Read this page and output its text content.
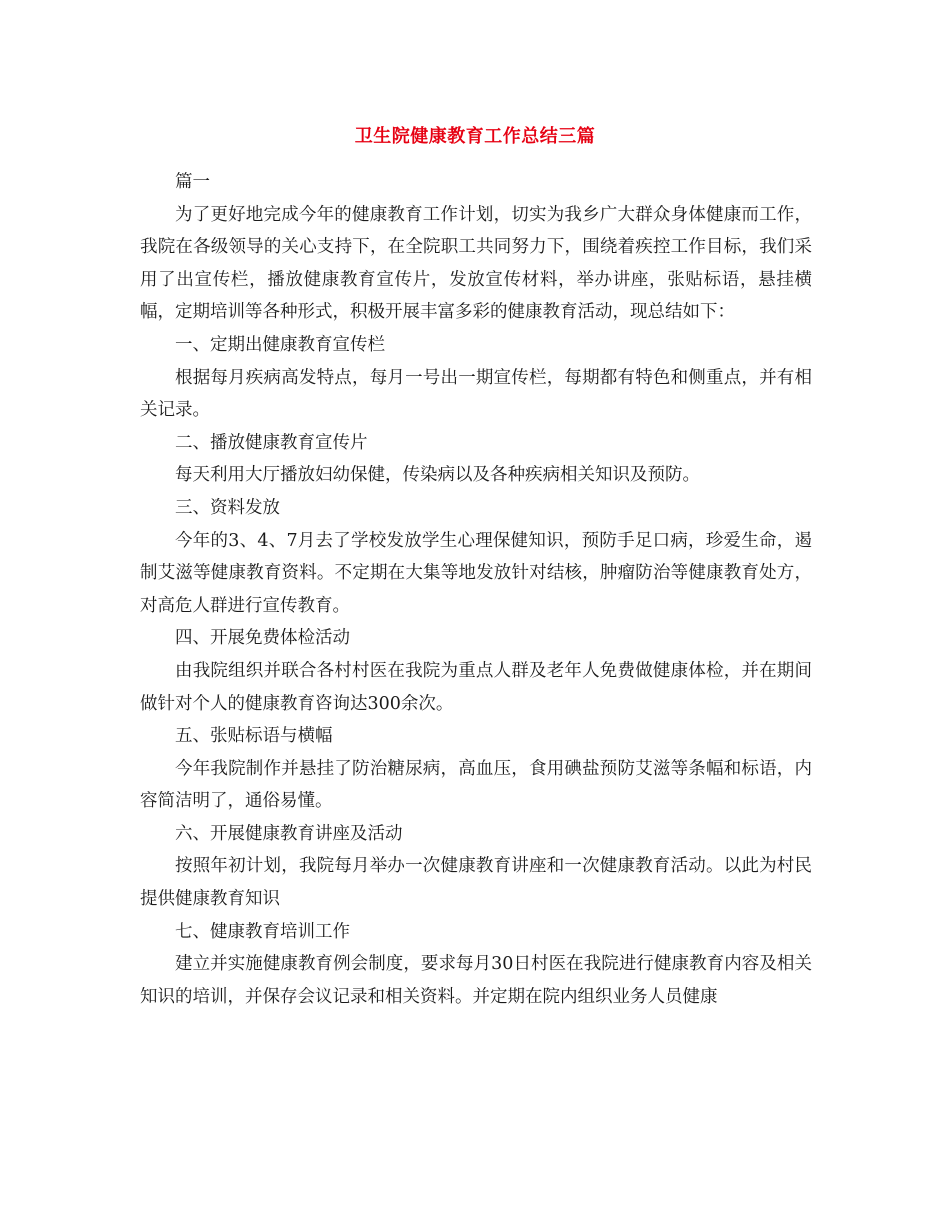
卫生院健康教育工作总结三篇

篇一

为了更好地完成今年的健康教育工作计划，切实为我乡广大群众身体健康而工作，我院在各级领导的关心支持下，在全院职工共同努力下，围绕着疾控工作目标，我们采用了出宣传栏，播放健康教育宣传片，发放宣传材料，举办讲座，张贴标语，悬挂横幅，定期培训等各种形式，积极开展丰富多彩的健康教育活动，现总结如下：

一、定期出健康教育宣传栏

根据每月疾病高发特点，每月一号出一期宣传栏，每期都有特色和侧重点，并有相关记录。

二、播放健康教育宣传片

每天利用大厅播放妇幼保健，传染病以及各种疾病相关知识及预防。

三、资料发放

今年的3、4、7月去了学校发放学生心理保健知识，预防手足口病，珍爱生命，遏制艾滋等健康教育资料。不定期在大集等地发放针对结核，肿瘤防治等健康教育处方，对高危人群进行宣传教育。

四、开展免费体检活动

由我院组织并联合各村村医在我院为重点人群及老年人免费做健康体检，并在期间做针对个人的健康教育咨询达300余次。

五、张贴标语与横幅

今年我院制作并悬挂了防治糖尿病，高血压，食用碘盐预防艾滋等条幅和标语，内容简洁明了，通俗易懂。

六、开展健康教育讲座及活动

按照年初计划，我院每月举办一次健康教育讲座和一次健康教育活动。以此为村民提供健康教育知识

七、健康教育培训工作

建立并实施健康教育例会制度，要求每月30日村医在我院进行健康教育内容及相关知识的培训，并保存会议记录和相关资料。并定期在院内组织业务人员健康
